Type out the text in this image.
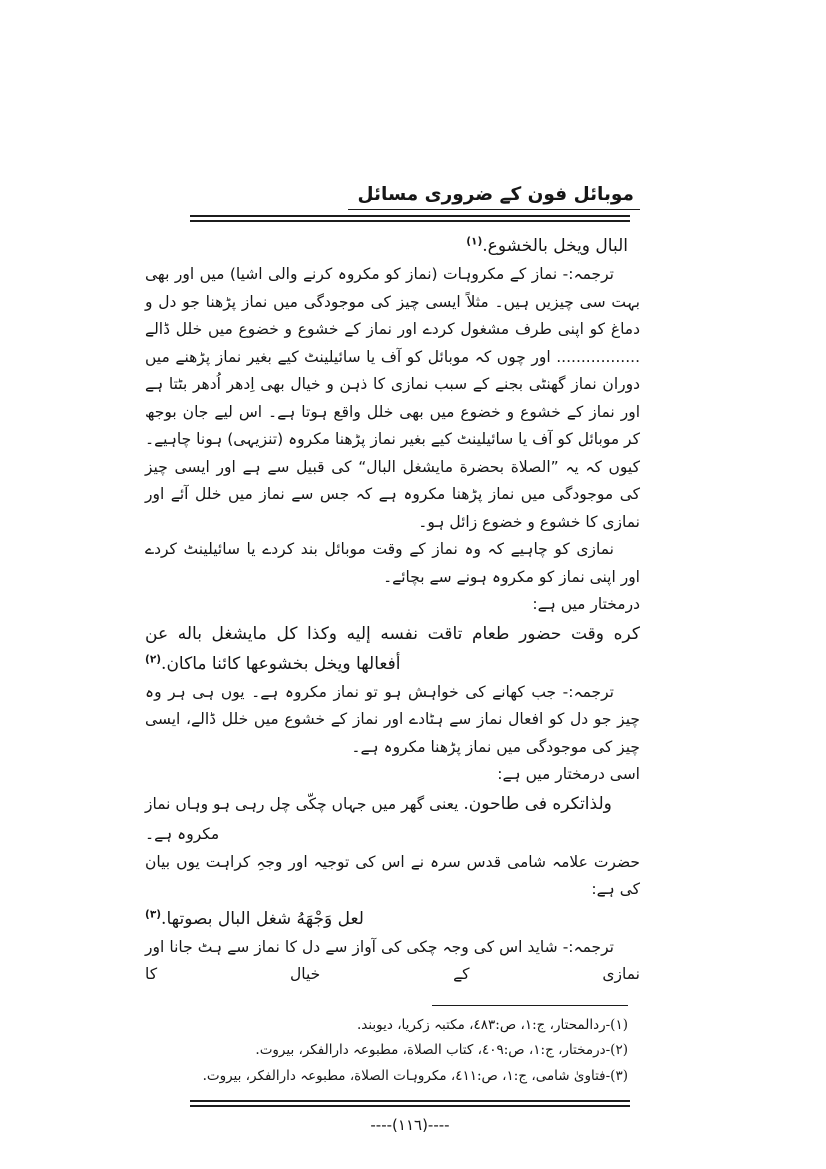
موبائل فون کے ضروری مسائل
البال ويخل بالخشوع.$^{(١)}$
ترجمہ:- نماز کے مکروہات (نماز کو مکروہ کرنے والی اشیا) میں اور بھی بہت سی چیزیں ہیں۔ مثلاً ایسی چیز کی موجودگی میں نماز پڑھنا جو دل و دماغ کو اپنی طرف مشغول کردے اور نماز کے خشوع و خضوع میں خلل ڈالے ................. اور چوں کہ موبائل کو آف یا سائیلینٹ کیے بغیر نماز پڑھنے میں دوران نماز گھنٹی بجنے کے سبب نمازی کا ذہن و خیال بھی اِدھر اُدھر بٹتا ہے اور نماز کے خشوع و خضوع میں بھی خلل واقع ہوتا ہے۔ اس لیے جان بوجھ کر موبائل کو آف یا سائیلینٹ کیے بغیر نماز پڑھنا مکروہ (تنزیہی) ہونا چاہیے۔ کیوں کہ یہ ”الصلاة بحضرة مايشغل البال“ کی قبیل سے ہے اور ایسی چیز کی موجودگی میں نماز پڑھنا مکروہ ہے کہ جس سے نماز میں خلل آئے اور نمازی کا خشوع و خضوع زائل ہو۔
نمازی کو چاہیے کہ وہ نماز کے وقت موبائل بند کردے یا سائیلینٹ کردے اور اپنی نماز کو مکروہ ہونے سے بچائے۔
درمختار میں ہے:
كره وقت حضور طعام تاقت نفسه إليه وكذا كل مايشغل باله عن أفعالها ويخل بخشوعها كائنا ماكان.$^{(٢)}$
ترجمہ:- جب کھانے کی خواہش ہو تو نماز مکروہ ہے۔ یوں ہی ہر وہ چیز جو دل کو افعال نماز سے ہٹادے اور نماز کے خشوع میں خلل ڈالے، ایسی چیز کی موجودگی میں نماز پڑھنا مکروہ ہے۔
اسی درمختار میں ہے:
ولذاتكره فى طاحون. یعنی گھر میں جہاں چکّی چل رہی ہو وہاں نماز مکروہ ہے۔
حضرت علامہ شامی قدس سرہ نے اس کی توجیہ اور وجہِ کراہت یوں بیان کی ہے:
لعل وَجْهَهُ شغل البال بصوتها.$^{(٣)}$
ترجمہ:- شاید اس کی وجہ چکی کی آواز سے دل کا نماز سے ہٹ جانا اور نمازی کے خیال کا
(١)-ردالمحتار، ج:١، ص:٤٨٣، مکتبہ زکریا، دیوبند.
(٢)-درمختار، ج:١، ص:٤٠٩، کتاب الصلاة، مطبوعہ دارالفکر، بیروت.
(٣)-فتاویٰ شامی، ج:١، ص:٤١١، مکروہات الصلاة، مطبوعہ دارالفکر، بیروت.
----(١١٦)----
